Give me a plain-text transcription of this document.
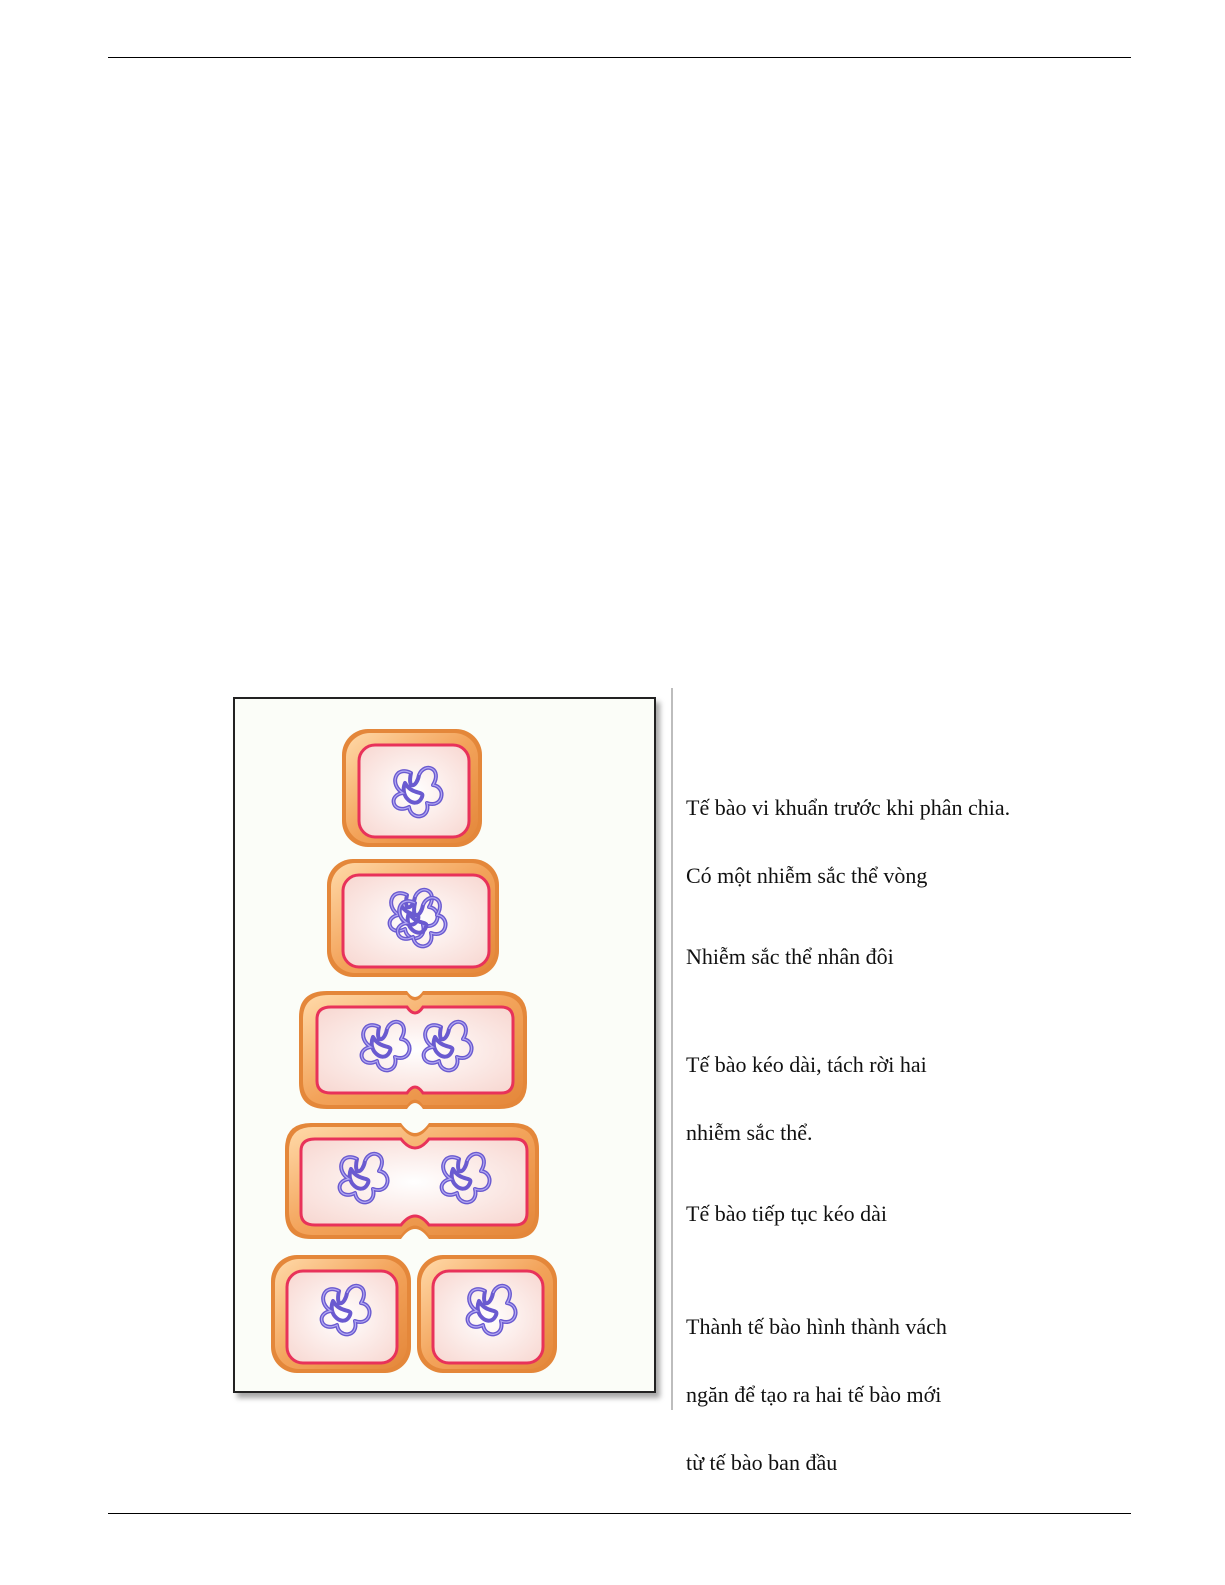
Tế bào vi khuẩn trước khi phân chia.

Có một nhiễm sắc thể vòng

Nhiễm sắc thể nhân đôi

Tế bào kéo dài, tách rời hai

nhiễm sắc thể.

Tế bào tiếp tục kéo dài

Thành tế bào hình thành vách

ngăn để tạo ra hai tế bào mới

từ tế bào ban đầu
